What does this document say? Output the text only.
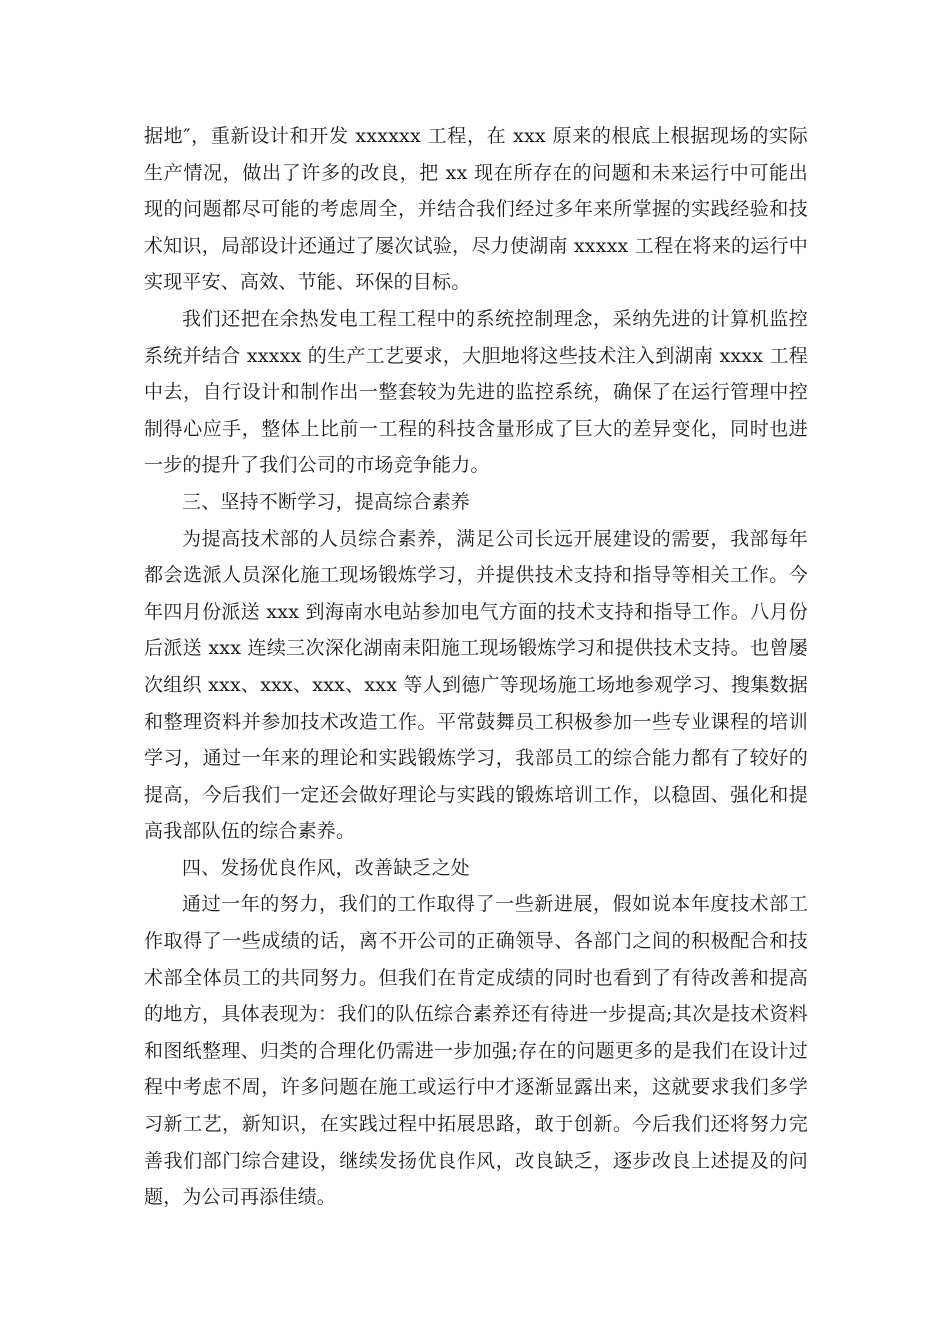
据地″，重新设计和开发 xxxxxx 工程，在 xxx 原来的根底上根据现场的实际生产情况，做出了许多的改良，把 xx 现在所存在的问题和未来运行中可能出现的问题都尽可能的考虑周全，并结合我们经过多年来所掌握的实践经验和技术知识，局部设计还通过了屡次试验，尽力使湖南 xxxxx 工程在将来的运行中实现平安、高效、节能、环保的目标。

我们还把在余热发电工程工程中的系统控制理念，采纳先进的计算机监控系统并结合 xxxxx 的生产工艺要求，大胆地将这些技术注入到湖南 xxxx 工程中去，自行设计和制作出一整套较为先进的监控系统，确保了在运行管理中控制得心应手，整体上比前一工程的科技含量形成了巨大的差异变化，同时也进一步的提升了我们公司的市场竞争能力。

三、坚持不断学习，提高综合素养

为提高技术部的人员综合素养，满足公司长远开展建设的需要，我部每年都会选派人员深化施工现场锻炼学习，并提供技术支持和指导等相关工作。今年四月份派送 xxx 到海南水电站参加电气方面的技术支持和指导工作。八月份后派送 xxx 连续三次深化湖南耒阳施工现场锻炼学习和提供技术支持。也曾屡次组织 xxx、xxx、xxx、xxx 等人到德广等现场施工场地参观学习、搜集数据和整理资料并参加技术改造工作。平常鼓舞员工积极参加一些专业课程的培训学习，通过一年来的理论和实践锻炼学习，我部员工的综合能力都有了较好的提高，今后我们一定还会做好理论与实践的锻炼培训工作，以稳固、强化和提高我部队伍的综合素养。

四、发扬优良作风，改善缺乏之处

通过一年的努力，我们的工作取得了一些新进展，假如说本年度技术部工作取得了一些成绩的话，离不开公司的正确领导、各部门之间的积极配合和技术部全体员工的共同努力。但我们在肯定成绩的同时也看到了有待改善和提高的地方，具体表现为：我们的队伍综合素养还有待进一步提高;其次是技术资料和图纸整理、归类的合理化仍需进一步加强;存在的问题更多的是我们在设计过程中考虑不周，许多问题在施工或运行中才逐渐显露出来，这就要求我们多学习新工艺，新知识，在实践过程中拓展思路，敢于创新。今后我们还将努力完善我们部门综合建设，继续发扬优良作风，改良缺乏，逐步改良上述提及的问题，为公司再添佳绩。
